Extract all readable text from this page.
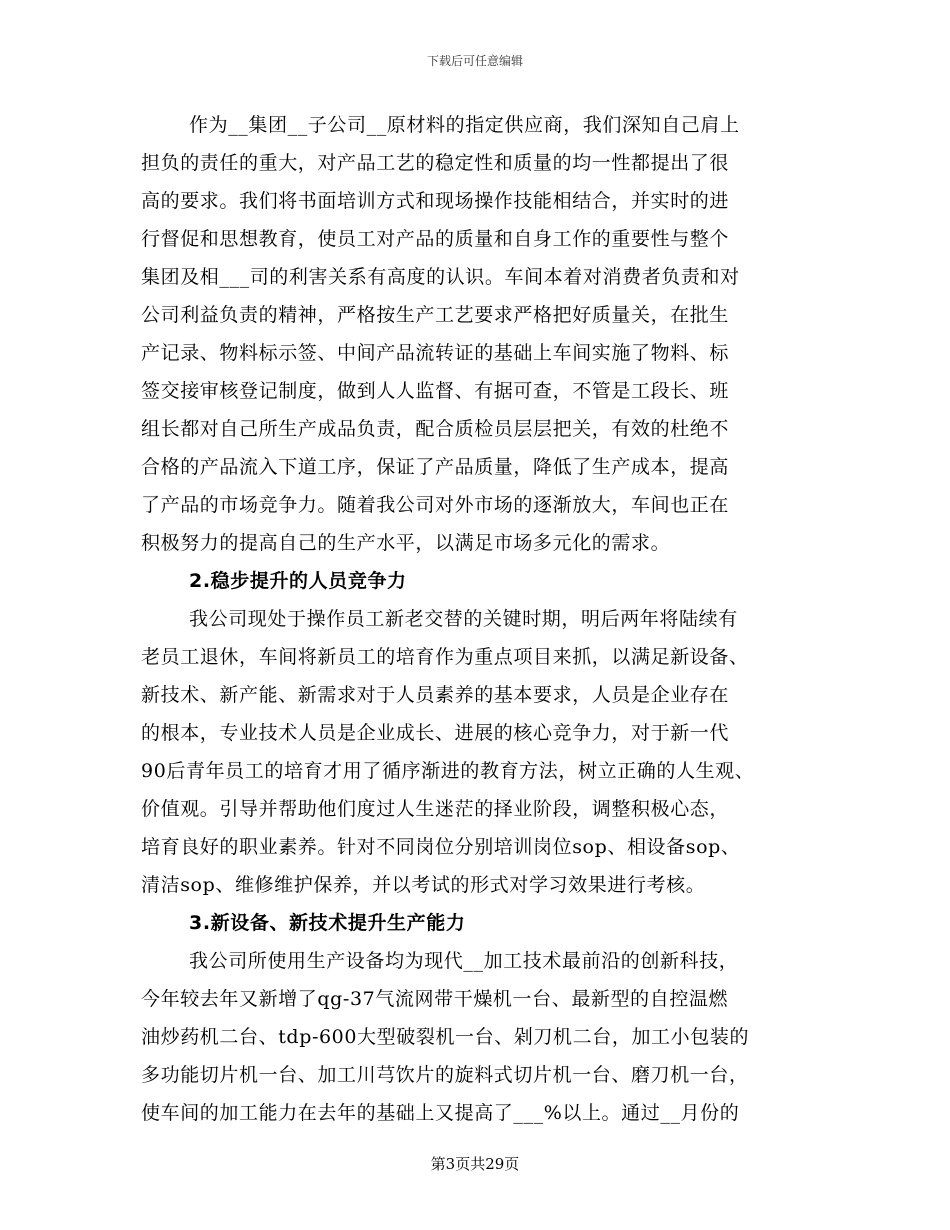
下载后可任意编辑
作为__集团__子公司__原材料的指定供应商，我们深知自己肩上
担负的责任的重大，对产品工艺的稳定性和质量的均一性都提出了很
高的要求。我们将书面培训方式和现场操作技能相结合，并实时的进
行督促和思想教育，使员工对产品的质量和自身工作的重要性与整个
集团及相___司的利害关系有高度的认识。车间本着对消费者负责和对
公司利益负责的精神，严格按生产工艺要求严格把好质量关，在批生
产记录、物料标示签、中间产品流转证的基础上车间实施了物料、标
签交接审核登记制度，做到人人监督、有据可查，不管是工段长、班
组长都对自己所生产成品负责，配合质检员层层把关，有效的杜绝不
合格的产品流入下道工序，保证了产品质量，降低了生产成本，提高
了产品的市场竞争力。随着我公司对外市场的逐渐放大，车间也正在
积极努力的提高自己的生产水平，以满足市场多元化的需求。
2.稳步提升的人员竞争力
我公司现处于操作员工新老交替的关键时期，明后两年将陆续有
老员工退休，车间将新员工的培育作为重点项目来抓，以满足新设备、
新技术、新产能、新需求对于人员素养的基本要求，人员是企业存在
的根本，专业技术人员是企业成长、进展的核心竞争力，对于新一代
90后青年员工的培育才用了循序渐进的教育方法，树立正确的人生观、
价值观。引导并帮助他们度过人生迷茫的择业阶段，调整积极心态，
培育良好的职业素养。针对不同岗位分别培训岗位sop、相设备sop、
清洁sop、维修维护保养，并以考试的形式对学习效果进行考核。
3.新设备、新技术提升生产能力
我公司所使用生产设备均为现代__加工技术最前沿的创新科技，
今年较去年又新增了qg-37气流网带干燥机一台、最新型的自控温燃
油炒药机二台、tdp-600大型破裂机一台、剁刀机二台，加工小包装的
多功能切片机一台、加工川芎饮片的旋料式切片机一台、磨刀机一台，
使车间的加工能力在去年的基础上又提高了___%以上。通过__月份的
第3页共29页
